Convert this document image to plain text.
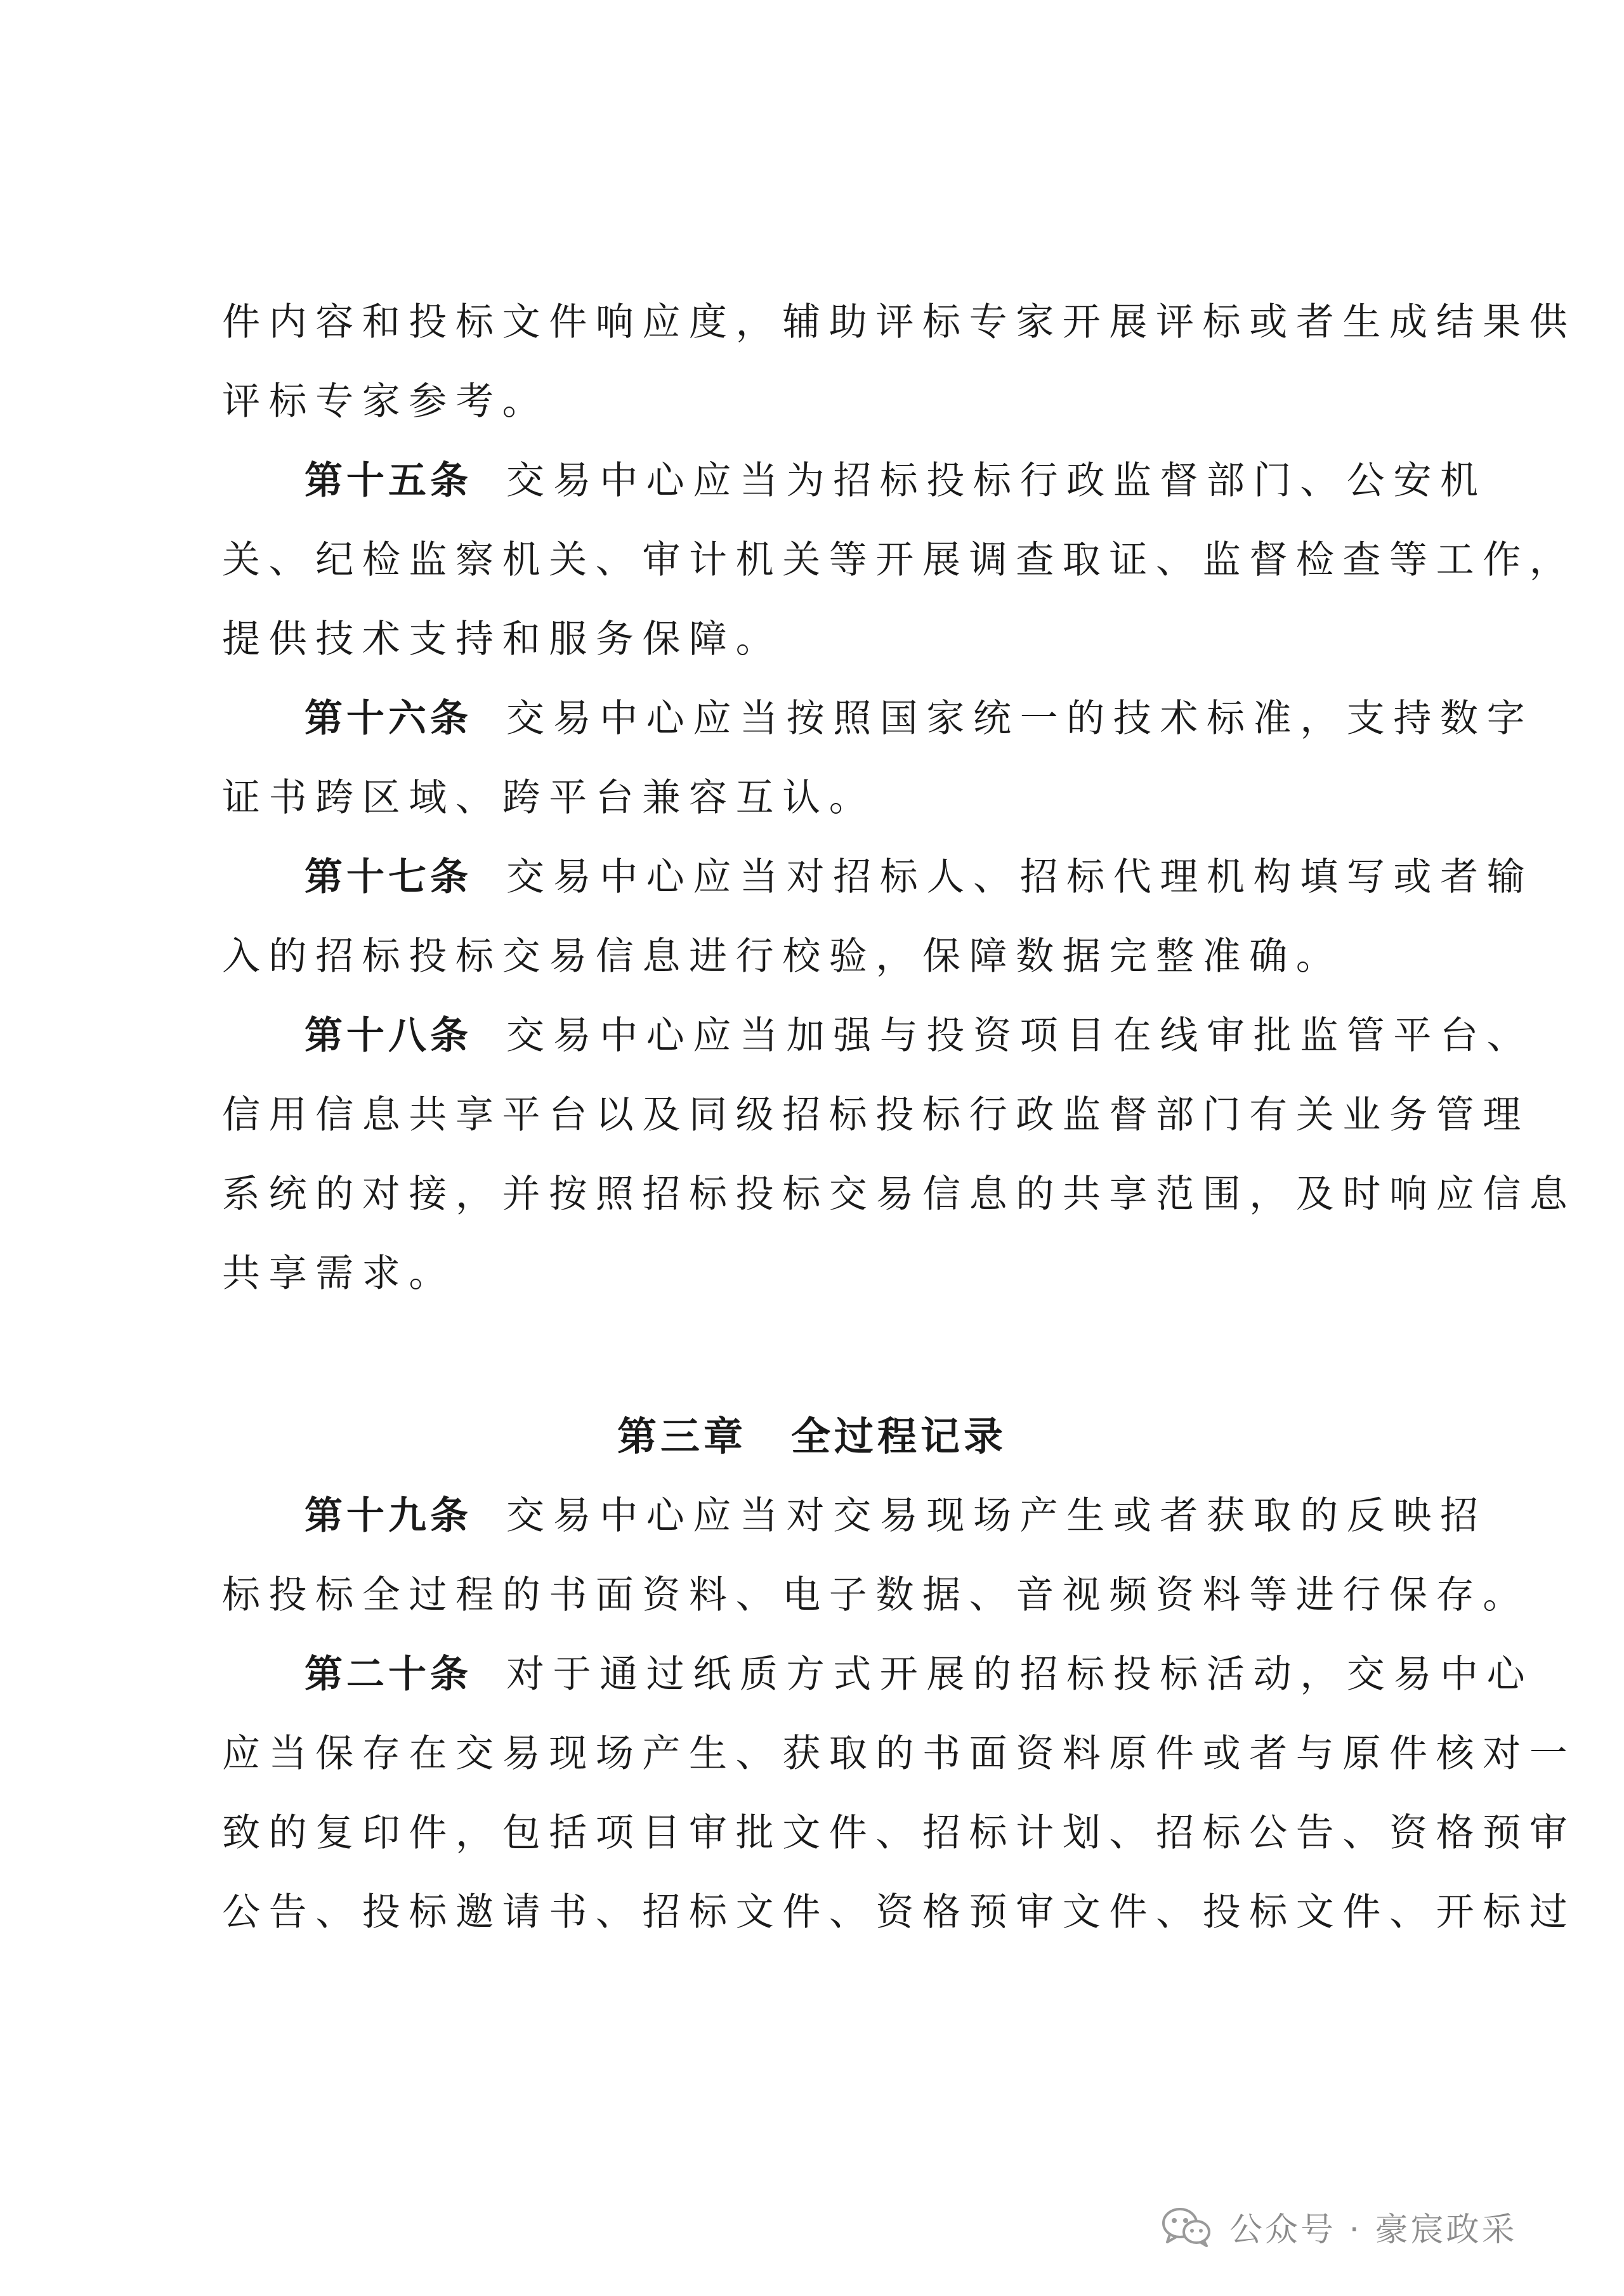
件内容和投标文件响应度，辅助评标专家开展评标或者生成结果供
评标专家参考。
第十五条 交易中心应当为招标投标行政监督部门、公安机
关、纪检监察机关、审计机关等开展调查取证、监督检查等工作，
提供技术支持和服务保障。
第十六条 交易中心应当按照国家统一的技术标准，支持数字
证书跨区域、跨平台兼容互认。
第十七条 交易中心应当对招标人、招标代理机构填写或者输
入的招标投标交易信息进行校验，保障数据完整准确。
第十八条 交易中心应当加强与投资项目在线审批监管平台、
信用信息共享平台以及同级招标投标行政监督部门有关业务管理
系统的对接，并按照招标投标交易信息的共享范围，及时响应信息
共享需求。
第三章 全过程记录
第十九条 交易中心应当对交易现场产生或者获取的反映招
标投标全过程的书面资料、电子数据、音视频资料等进行保存。
第二十条 对于通过纸质方式开展的招标投标活动，交易中心
应当保存在交易现场产生、获取的书面资料原件或者与原件核对一
致的复印件，包括项目审批文件、招标计划、招标公告、资格预审
公告、投标邀请书、招标文件、资格预审文件、投标文件、开标过
公众号 · 豪宸政采
